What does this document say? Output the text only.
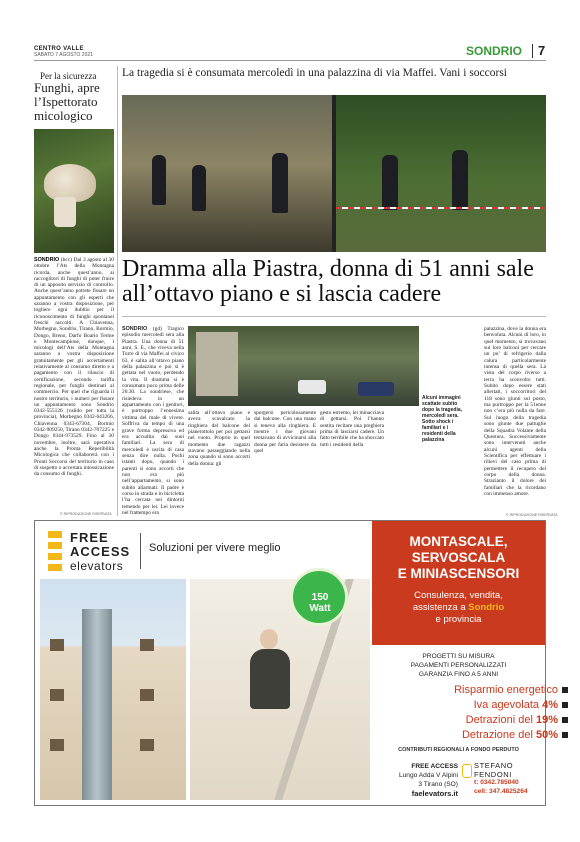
CENTRO VALLE
SABATO 7 AGOSTO 2021	SONDRIO 7
Per la sicurezza
Funghi, apre l’Ispettorato micologico
SONDRIO (bcc) Dal 3 agosto al 30 ottobre l’Ats della Montagna ricorda, anche quest’anno, ai raccoglitori di funghi di poter fruire di un apposito servizio di controllo. Anche quest’anno potrete fissare un appuntamento con gli esperti che saranno a vostra disposizione, per togliere ogni dubbio per il riconoscimento di funghi spontanei freschi raccolti. A Chiavenna, Morbegno, Sondrio, Tirano, Bormio, Dongo, Breno, Darfo Boario Terme e Montecampione, dunque, i micologi dell’Ats della Montagna saranno a vostra disposizione gratuitamente per gli accertamenti relativamente al consumo diretto e a pagamento con il rilascio di certificazione, secondo tariffa regionale, per funghi destinati al commercio. Per quel che riguarda il nostro territorio, i numeri per fissare un appuntamento sono Sondrio 0342-555126 (valido per tutta la provincia), Morbegno 0342-643266, Chiavenna 0343-67304, Bormio 0342-909250, Tirano 0342-707225 e Dongo 0344-973529. Fino al 30 novembre, inoltre, sarà operativa anche la Pronta Reperibilità Micologica che collaborerà con i Pronti Soccorsi del territorio in caso di sospetto o accertata intossicazione da consumo di funghi.
© RIPRODUZIONE RISERVATA
La tragedia si è consumata mercoledì in una palazzina di via Maffei. Vani i soccorsi
Dramma alla Piastra, donna di 51 anni sale all’ottavo piano e si lascia cadere
SONDRIO (gd) Tragico episodio mercoledì sera alla Piastra. Una donna di 51 anni, S. E., che viveva nella Torre di via Maffei al civico 63, è salita all’ottavo piano della palazzina e poi si è gettata nel vuoto, perdendo la vita. Il dramma si è consumato poco prima delle 20.30. La sondriese, che risiedeva in un appartamento con i genitori, è purtroppo l’ennesima vittima del male di vivere. Soffriva da tempo di una grave forma depressiva ed era accudita dai suoi familiari. La sera di mercoledì è uscita di casa senza dire nulla. Pochi istanti dopo, quando i parenti si sono accorti che non era più nell’appartamento, si sono subito allarmati. Il padre è corso in strada e in bicicletta l’ha cercata nei dintorni temendo per lei. Lei invece nel frattempo era
Alcuni immagini scattate subito dopo la tragedia, mercoledì sera. Sotto shock i familiari e i residenti della palazzina
salita all’ottavo piano e aveva scavalcato la ringhiera del balcone del pianerottolo per poi gettarsi nel vuoto. Proprio in quel momento due ragazzi stavano passeggiando nella zona quando si sono accorti della donna: gli
sporgersi pericolosamente dal balcone. Con una mano si teneva alla ringhiera. E mentre i due giovani tentavano di avvicinarsi alla donna per farla desistere da quel
gesto estremo, lei minacciava di gettarsi. Poi l’hanno sentita recitare una preghiera prima di lasciarsi cadere. Un fatto terribile che ha shoccato tutti i residenti della
palazzina, dove la donna era benvoluta. Alcuni di loro, in quel momento, si trovavano sui loro balconi per cercare un po’ di refrigerio dalla calura particolarmente intensa di quella sera. La vista del corpo riverso a terra ha sconvolto tutti. Subito dopo essere stati allertati, i soccorritori del 118 sono giunti sul posto, ma purtroppo per la 51enne non c’era più nulla da fare. Sul luogo della tragedia sono giunte due pattuglie della Squadra Volante della Questura. Successivamente sono intervenuti anche alcuni agenti della Scientifica per effettuare i rilievi del caso prima di permettere il recupero del corpo della donna. Strazianto il dolore dei familiari che la ricordano con immenso amore.
© RIPRODUZIONE RISERVATA
FREE
ACCESS
elevators
Soluzioni per vivere meglio
150 Watt
MONTASCALE,
SERVOSCALA
E MINIASCENSORI
Consulenza, vendita,
assistenza a Sondrio
e provincia
PROGETTI SU MISURA
PAGAMENTI PERSONALIZZATI
GARANZIA FINO A 5 ANNI
Risparmio energetico
Iva agevolata 4%
Detrazioni del 19%
Detrazione del 50%
CONTRIBUTI REGIONALI A FONDO PERDUTO
FREE ACCESS
Lungo Adda V Alpini
3 Tirano (SO)
faelevators.it
STEFANO
FENDONI
t: 0342.785040
cell: 347.4825264
